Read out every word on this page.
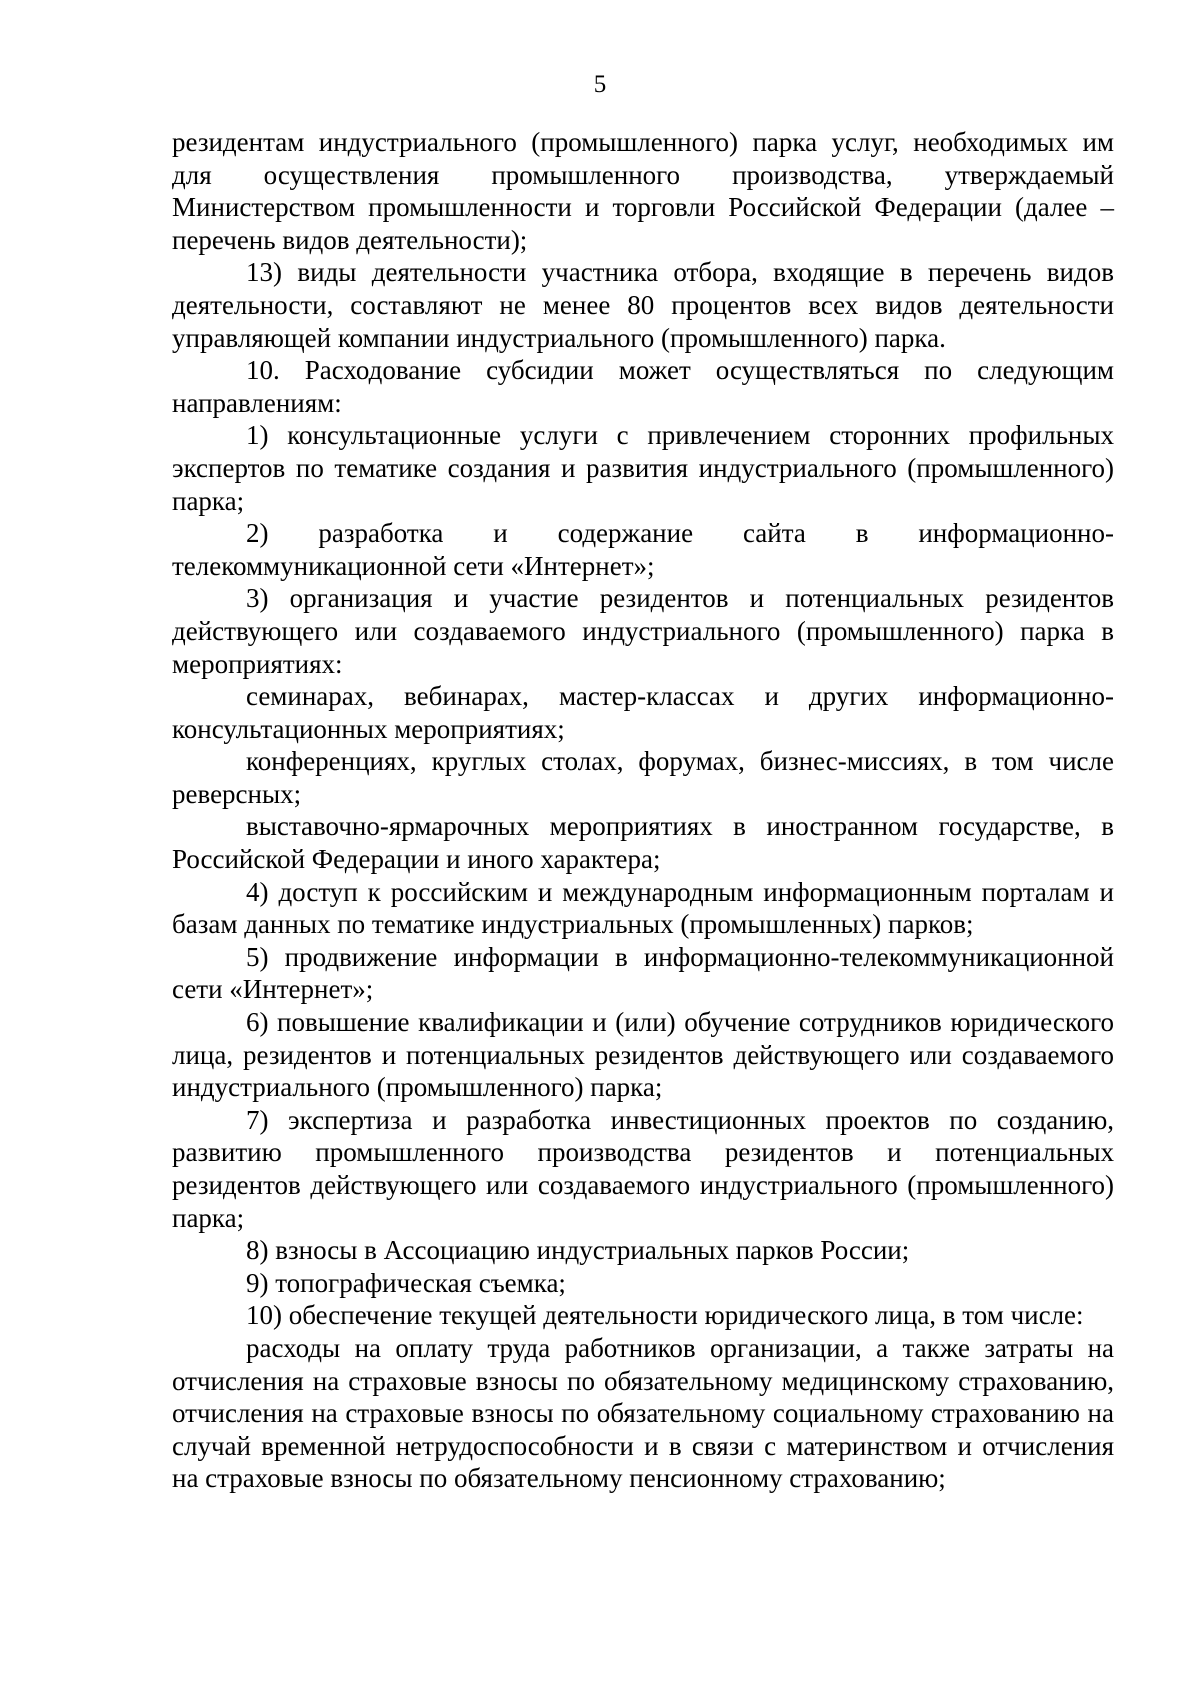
5

резидентам индустриального (промышленного) парка услуг, необходимых им для осуществления промышленного производства, утверждаемый Министерством промышленности и торговли Российской Федерации (далее – перечень видов деятельности);

13) виды деятельности участника отбора, входящие в перечень видов деятельности, составляют не менее 80 процентов всех видов деятельности управляющей компании индустриального (промышленного) парка.

10. Расходование субсидии может осуществляться по следующим направлениям:

1) консультационные услуги с привлечением сторонних профильных экспертов по тематике создания и развития индустриального (промышленного) парка;

2) разработка и содержание сайта в информационно-телекоммуникационной сети «Интернет»;

3) организация и участие резидентов и потенциальных резидентов действующего или создаваемого индустриального (промышленного) парка в мероприятиях:

семинарах, вебинарах, мастер-классах и других информационно-консультационных мероприятиях;

конференциях, круглых столах, форумах, бизнес-миссиях, в том числе реверсных;

выставочно-ярмарочных мероприятиях в иностранном государстве, в Российской Федерации и иного характера;

4) доступ к российским и международным информационным порталам и базам данных по тематике индустриальных (промышленных) парков;

5) продвижение информации в информационно-телекоммуникационной сети «Интернет»;

6) повышение квалификации и (или) обучение сотрудников юридического лица, резидентов и потенциальных резидентов действующего или создаваемого индустриального (промышленного) парка;

7) экспертиза и разработка инвестиционных проектов по созданию, развитию промышленного производства резидентов и потенциальных резидентов действующего или создаваемого индустриального (промышленного) парка;

8) взносы в Ассоциацию индустриальных парков России;

9) топографическая съемка;

10) обеспечение текущей деятельности юридического лица, в том числе:

расходы на оплату труда работников организации, а также затраты на отчисления на страховые взносы по обязательному медицинскому страхованию, отчисления на страховые взносы по обязательному социальному страхованию на случай временной нетрудоспособности и в связи с материнством и отчисления на страховые взносы по обязательному пенсионному страхованию;
